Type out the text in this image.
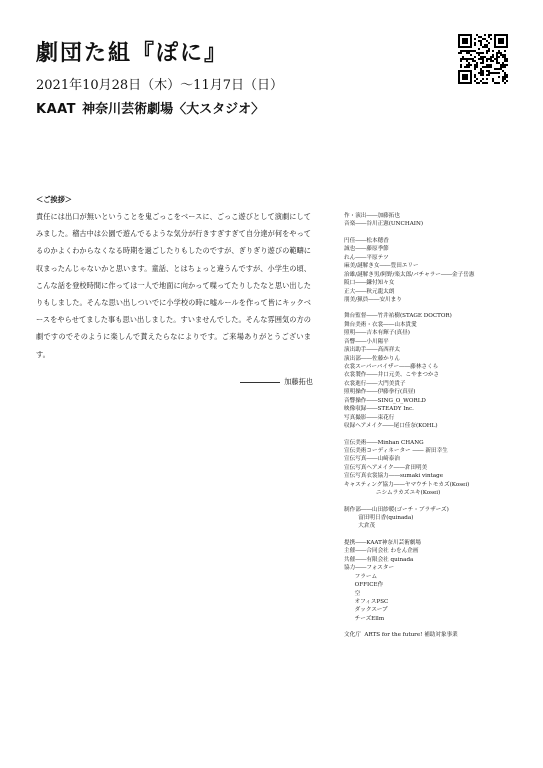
劇団た組『ぽに』
2021年10月28日（木）〜11月7日（日）
KAAT 神奈川芸術劇場〈大スタジオ〉
＜ご挨拶＞
責任には出口が無いということを鬼ごっこをベースに、ごっこ遊びとして演劇にしてみました。稽古中は公園で遊んでるような気分が行きすぎすぎて自分達が何をやってるのかよくわからなくなる時期を過ごしたりもしたのですが、ぎりぎり遊びの範疇に収まったんじゃないかと思います。童話、とはちょっと違うんですが、小学生の頃、こんな話を登校時間に作っては一人で地面に向かって喋ってたりしたなと思い出したりもしました。そんな思い出しついでに小学校の時に嘘ルールを作って皆にキックベースをやらせてました事も思い出しました。すいませんでした。そんな雰囲気の方の劇ですのでそのように楽しんで貰えたらなによりです。ご来場ありがとうございます。
加藤拓也
作・演出――加藤拓也
音楽――谷川正憲(UNCHAIN)
円佳――松本穂香
誠也――藤原季節
れん――平原テツ
麻美/謎解き女――豊田エリー
治雄/謎解き男/阿野/楽太郎/バチャラー――金子岳憲
阪口――鎌付知々女
正大――秋元龍太朗
朋美/猟員――安川まり
舞台監督――竹井祐樹(STAGE DOCTOR)
舞台美術・衣裳――山本貴愛
照明――吉本有輝子(真昼)
音響――小川陽平
演出助手――高西祥太
演出部――佐藤かりん
衣裳スーパーバイザー――藤林さくら
衣裳製作――井口元美、こやまつかさ
衣裳進行――大門美貴子
照明操作――伊藤拳行(真昼)
音響操作――SING_O_WORLD
映像収録――STEADY Inc.
写真撮影――束花行
収録ヘアメイク――尾口佳奈(KOHL)
宣伝美術――Minhan CHANG
宣伝美術コーディネーター ―― 新田幸生
宣伝写真――山﨑泰治
宣伝写真ヘアメイク――倉田明美
宣伝写真衣裳協力――sumaki vintage
キャスティング協力――ヤマウチトモカズ(Kosei)
ニシムラカズユキ(Kosei)
制作部――山田紗暖(ゴーチ・ブラザーズ)
富田明日香(quinada)
大倉茂
提携――KAAT神奈川芸術劇場
主催――合同会社 わをん企画
共催――有限会社 quinada
協力――フォスター
フラーム
OFFICE作
空
オフィスPSC
ダックスープ
チーズEllm
文化庁  ARTS for the future! 補助対象事業
